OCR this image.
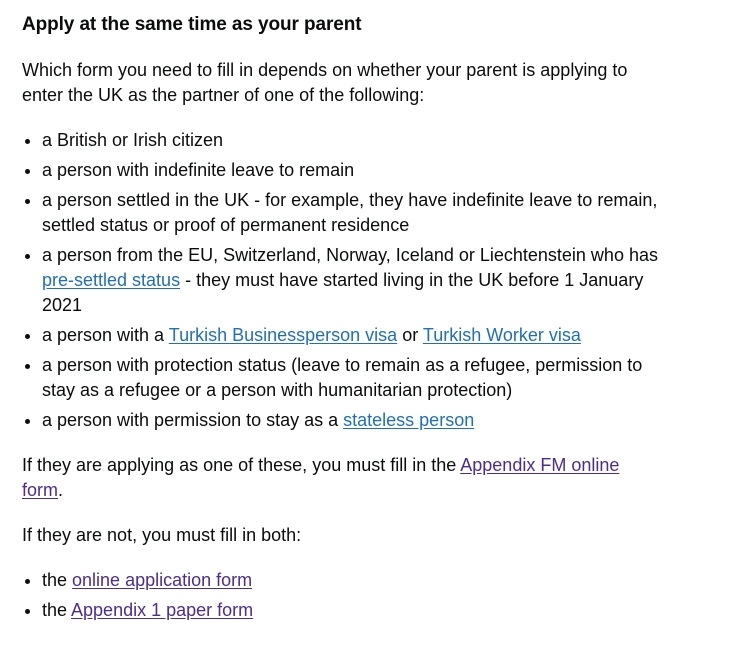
Apply at the same time as your parent

Which form you need to fill in depends on whether your parent is applying to enter the UK as the partner of one of the following:

• a British or Irish citizen
• a person with indefinite leave to remain
• a person settled in the UK - for example, they have indefinite leave to remain, settled status or proof of permanent residence
• a person from the EU, Switzerland, Norway, Iceland or Liechtenstein who has pre-settled status - they must have started living in the UK before 1 January 2021
• a person with a Turkish Businessperson visa or Turkish Worker visa
• a person with protection status (leave to remain as a refugee, permission to stay as a refugee or a person with humanitarian protection)
• a person with permission to stay as a stateless person

If they are applying as one of these, you must fill in the Appendix FM online form.

If they are not, you must fill in both:

• the online application form
• the Appendix 1 paper form
